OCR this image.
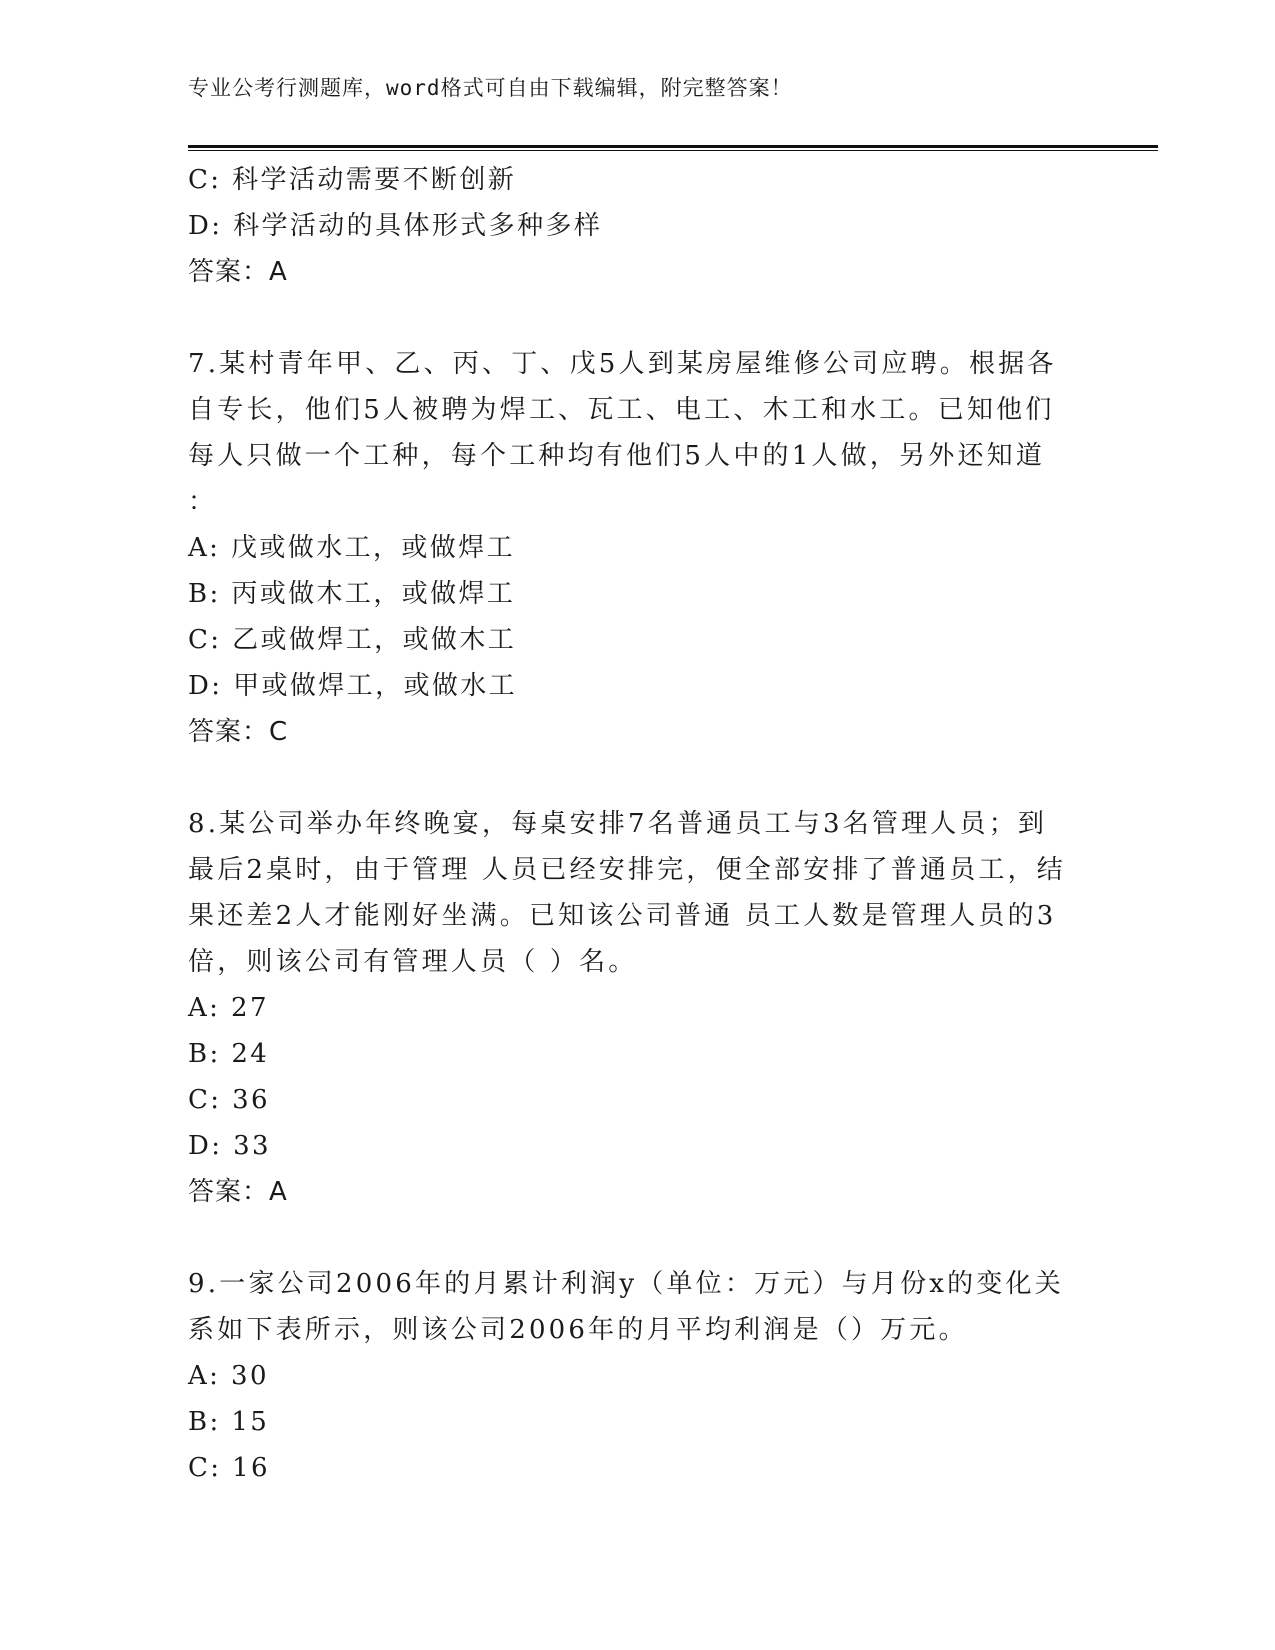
专业公考行测题库，word格式可自由下载编辑，附完整答案！
C: 科学活动需要不断创新
D: 科学活动的具体形式多种多样
答案：A
7.某村青年甲、乙、丙、丁、戊5人到某房屋维修公司应聘。根据各
自专长，他们5人被聘为焊工、瓦工、电工、木工和水工。已知他们
每人只做一个工种，每个工种均有他们5人中的1人做，另外还知道
：
A: 戊或做水工，或做焊工
B: 丙或做木工，或做焊工
C: 乙或做焊工，或做木工
D: 甲或做焊工，或做水工
答案：C
8.某公司举办年终晚宴，每桌安排7名普通员工与3名管理人员；到
最后2桌时，由于管理 人员已经安排完，便全部安排了普通员工，结
果还差2人才能刚好坐满。已知该公司普通 员工人数是管理人员的3
倍，则该公司有管理人员（ ）名。
A: 27
B: 24
C: 36
D: 33
答案：A
9.一家公司2006年的月累计利润y（单位：万元）与月份x的变化关
系如下表所示，则该公司2006年的月平均利润是（）万元。
A: 30
B: 15
C: 16
